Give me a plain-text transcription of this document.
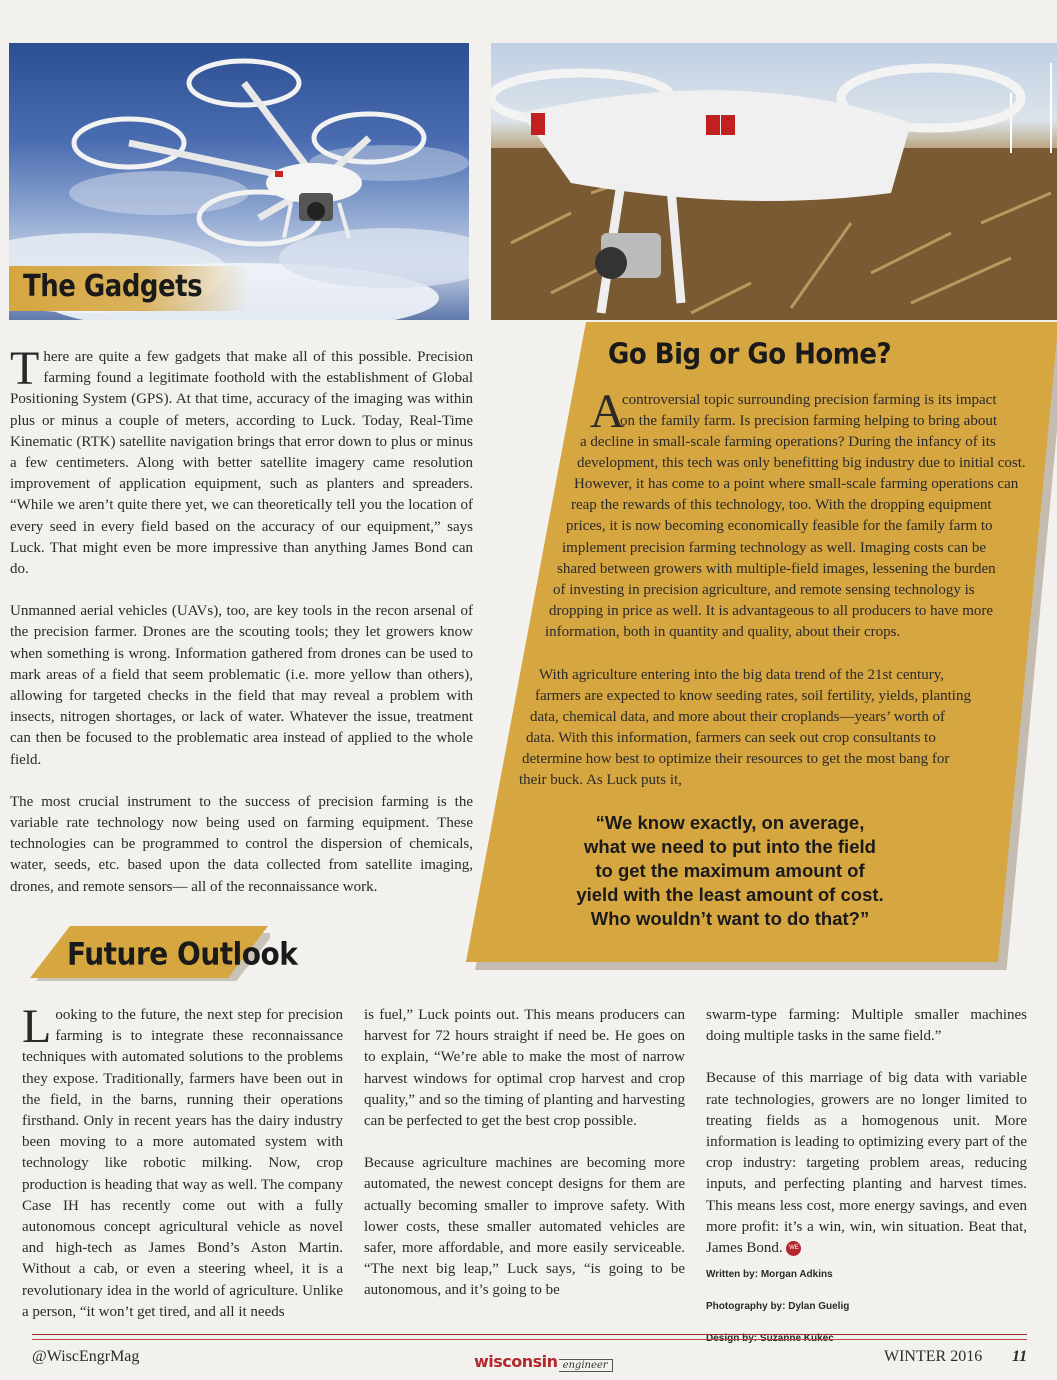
The Gadgets

There are quite a few gadgets that make all of this possible. Precision farming found a legitimate foothold with the establishment of Global Positioning System (GPS). At that time, accuracy of the imaging was within plus or minus a couple of meters, according to Luck. Today, Real-Time Kinematic (RTK) satellite navigation brings that error down to plus or minus a few centimeters. Along with better satellite imagery came resolution improvement of application equipment, such as planters and spreaders. “While we aren’t quite there yet, we can theoretically tell you the location of every seed in every field based on the accuracy of our equipment,” says Luck. That might even be more impressive than anything James Bond can do.

Unmanned aerial vehicles (UAVs), too, are key tools in the recon arsenal of the precision farmer. Drones are the scouting tools; they let growers know when something is wrong. Information gathered from drones can be used to mark areas of a field that seem problematic (i.e. more yellow than others), allowing for targeted checks in the field that may reveal a problem with insects, nitrogen shortages, or lack of water. Whatever the issue, treatment can then be focused to the problematic area instead of applied to the whole field.

The most crucial instrument to the success of precision farming is the variable rate technology now being used on farming equipment. These technologies can be programmed to control the dispersion of chemicals, water, seeds, etc. based upon the data collected from satellite imaging, drones, and remote sensors— all of the reconnaissance work.

Go Big or Go Home?
A
controversial topic surrounding precision farming is its impact
on the family farm. Is precision farming helping to bring about
a decline in small-scale farming operations? During the infancy of its
development, this tech was only benefitting big industry due to initial cost.
However, it has come to a point where small-scale farming operations can
reap the rewards of this technology, too. With the dropping equipment
prices, it is now becoming economically feasible for the family farm to
implement precision farming technology as well. Imaging costs can be
shared between growers with multiple-field images, lessening the burden
of investing in precision agriculture, and remote sensing technology is
dropping in price as well. It is advantageous to all producers to have more
information, both in quantity and quality, about their crops.
With agriculture entering into the big data trend of the 21st century,
farmers are expected to know seeding rates, soil fertility, yields, planting
data, chemical data, and more about their croplands—years’ worth of
data. With this information, farmers can seek out crop consultants to
determine how best to optimize their resources to get the most bang for
their buck. As Luck puts it,
“We know exactly, on average,
what we need to put into the field
to get the maximum amount of
yield with the least amount of cost.
Who wouldn’t want to do that?”
Future Outlook

Looking to the future, the next step for precision farming is to integrate these reconnaissance techniques with automated solutions to the problems they expose. Traditionally, farmers have been out in the field, in the barns, running their operations firsthand. Only in recent years has the dairy industry been moving to a more automated system with technology like robotic milking. Now, crop production is heading that way as well. The company Case IH has recently come out with a fully autonomous concept agricultural vehicle as novel and high-tech as James Bond’s Aston Martin. Without a cab, or even a steering wheel, it is a revolutionary idea in the world of agriculture. Unlike a person, “it won’t get tired, and all it needs

is fuel,” Luck points out. This means producers can harvest for 72 hours straight if need be. He goes on to explain, “We’re able to make the most of narrow harvest windows for optimal crop harvest and crop quality,” and so the timing of planting and harvesting can be perfected to get the best crop possible.

Because agriculture machines are becoming more automated, the newest concept designs for them are actually becoming smaller to improve safety. With lower costs, these smaller automated vehicles are safer, more affordable, and more easily serviceable. “The next big leap,” Luck says, “is going to be autonomous, and it’s going to be

swarm-type farming: Multiple smaller machines doing multiple tasks in the same field.”

Because of this marriage of big data with variable rate technologies, growers are no longer limited to treating fields as a homogenous unit. More information is leading to optimizing every part of the crop industry: targeting problem areas, reducing inputs, and perfecting planting and harvest times. This means less cost, more energy savings, and even more profit: it’s a win, win, win situation. Beat that, James Bond. WE

Written by: Morgan Adkins

Photography by: Dylan Guelig

Design by: Suzanne Kukec

@WiscEngrMag	wisconsin engineer
WINTER 2016 11
